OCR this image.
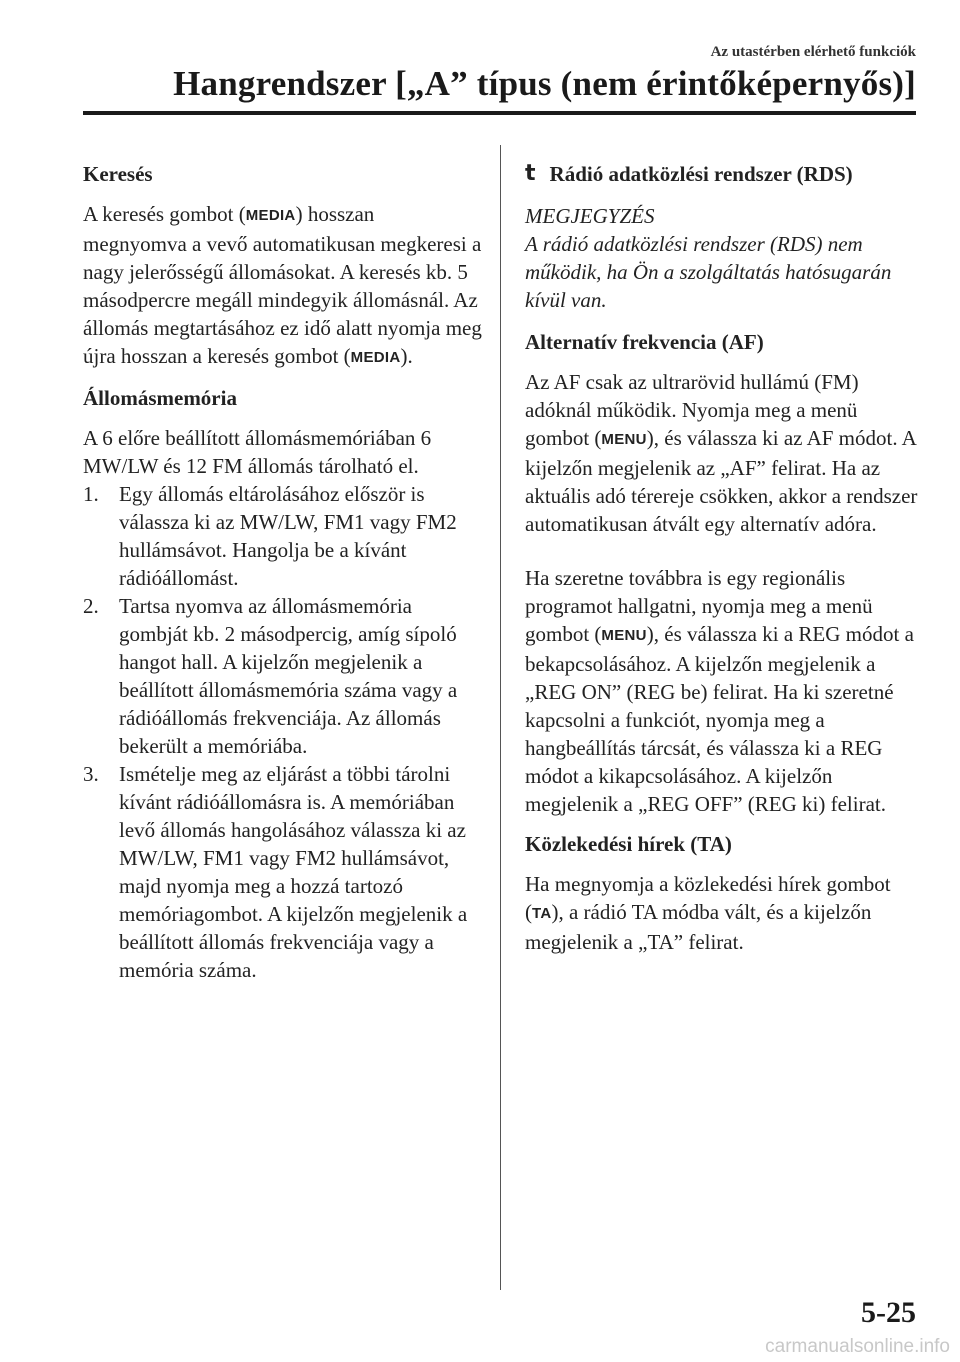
Az utastérben elérhető funkciók
Hangrendszer [„A” típus (nem érintőképernyős)]
Keresés

A keresés gombot (MEDIA) hosszan megnyomva a vevő automatikusan megkeresi a nagy jelerősségű állomásokat. A keresés kb. 5 másodpercre megáll mindegyik állomásnál. Az állomás megtartásához ez idő alatt nyomja meg újra hosszan a keresés gombot (MEDIA).

Állomásmemória

A 6 előre beállított állomásmemóriában 6 MW/LW és 12 FM állomás tárolható el.

1. Egy állomás eltárolásához először is válassza ki az MW/LW, FM1 vagy FM2 hullámsávot. Hangolja be a kívánt rádióállomást.
2. Tartsa nyomva az állomásmemória gombját kb. 2 másodpercig, amíg sípoló hangot hall. A kijelzőn megjelenik a beállított állomásmemória száma vagy a rádióállomás frekvenciája. Az állomás bekerült a memóriába.
3. Ismételje meg az eljárást a többi tárolni kívánt rádióállomásra is. A memóriában levő állomás hangolásához válassza ki az MW/LW, FM1 vagy FM2 hullámsávot, majd nyomja meg a hozzá tartozó memóriagombot. A kijelzőn megjelenik a beállított állomás frekvenciája vagy a memória száma.
t Rádió adatközlési rendszer (RDS)

MEGJEGYZÉS

A rádió adatközlési rendszer (RDS) nem működik, ha Ön a szolgáltatás hatósugarán kívül van.

Alternatív frekvencia (AF)

Az AF csak az ultrarövid hullámú (FM) adóknál működik. Nyomja meg a menü gombot (MENU), és válassza ki az AF módot. A kijelzőn megjelenik az „AF” felirat. Ha az aktuális adó térereje csökken, akkor a rendszer automatikusan átvált egy alternatív adóra.

Ha szeretne továbbra is egy regionális programot hallgatni, nyomja meg a menü gombot (MENU), és válassza ki a REG módot a bekapcsolásához. A kijelzőn megjelenik a „REG ON” (REG be) felirat. Ha ki szeretné kapcsolni a funkciót, nyomja meg a hangbeállítás tárcsát, és válassza ki a REG módot a kikapcsolásához. A kijelzőn megjelenik a „REG OFF” (REG ki) felirat.

Közlekedési hírek (TA)

Ha megnyomja a közlekedési hírek gombot (TA), a rádió TA módba vált, és a kijelzőn megjelenik a „TA” felirat.

5-25
carmanualsonline.info
